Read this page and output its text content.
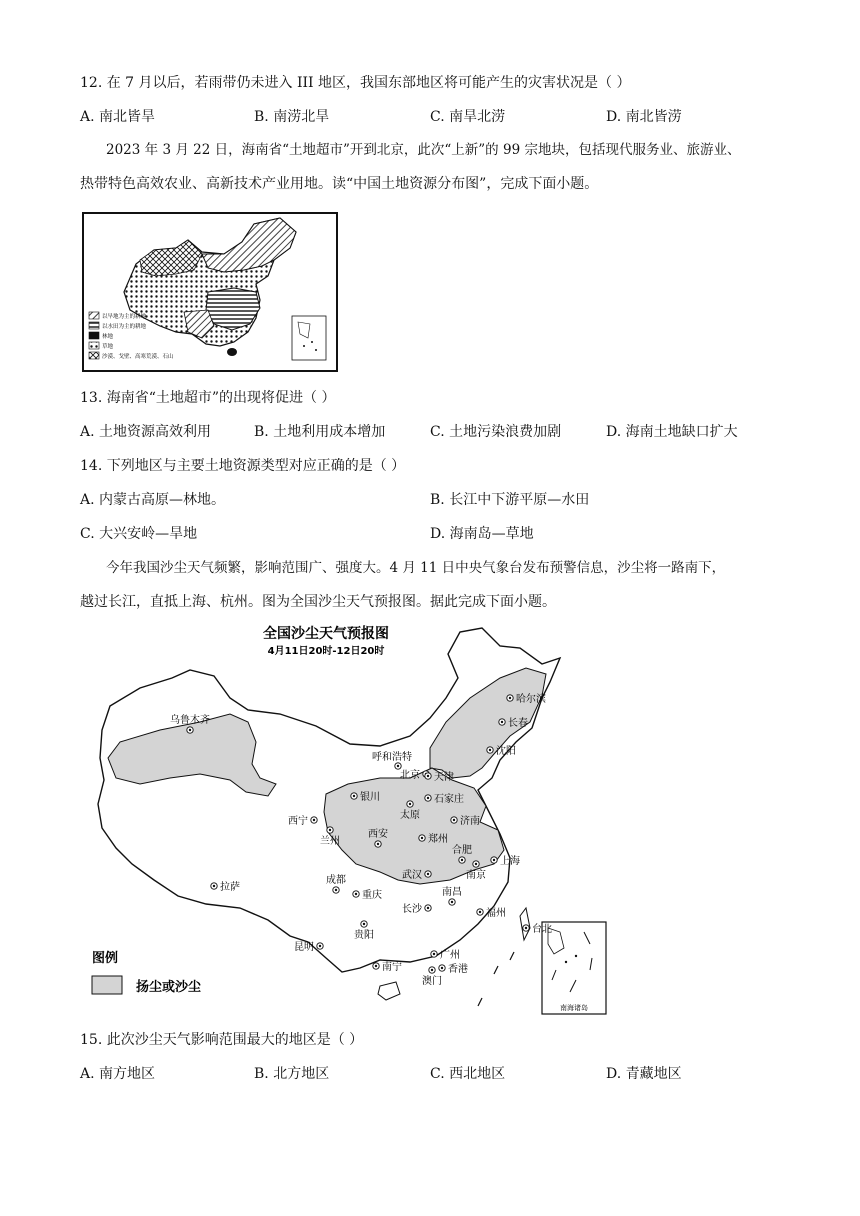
12. 在 7 月以后，若雨带仍未进入 III 地区，我国东部地区将可能产生的灾害状况是（ ）
A. 南北皆旱	B. 南涝北旱	C. 南旱北涝	D. 南北皆涝
2023 年 3 月 22 日，海南省“土地超市”开到北京，此次“上新”的 99 宗地块，包括现代服务业、旅游业、
热带特色高效农业、高新技术产业用地。读“中国土地资源分布图”，完成下面小题。
以旱地为主的耕地
以水田为主的耕地
林地
草地
沙漠、戈壁、高寒荒漠、石山
13. 海南省“土地超市”的出现将促进（ ）
A. 土地资源高效利用	B. 土地利用成本增加	C. 土地污染浪费加剧	D. 海南土地缺口扩大
14. 下列地区与主要土地资源类型对应正确的是（ ）
A. 内蒙古高原—林地。	B. 长江中下游平原—水田
C. 大兴安岭—旱地	D. 海南岛—草地
今年我国沙尘天气频繁，影响范围广、强度大。4 月 11 日中央气象台发布预警信息，沙尘将一路南下，
越过长江，直抵上海、杭州。图为全国沙尘天气预报图。据此完成下面小题。
全国沙尘天气预报图
4月11日20时-12日20时
南海诸岛
图例
扬尘或沙尘
乌鲁木齐
哈尔滨
长春
沈阳
呼和浩特
北京 天津
银川	石家庄
太原
济南
西宁
兰州
西安	郑州
合肥
上海
南京
武汉
拉萨
成都
重庆
长沙
南昌
福州
台北
贵阳
昆明
广州
南宁	香港
澳门
15. 此次沙尘天气影响范围最大的地区是（ ）
A. 南方地区	B. 北方地区	C. 西北地区	D. 青藏地区
